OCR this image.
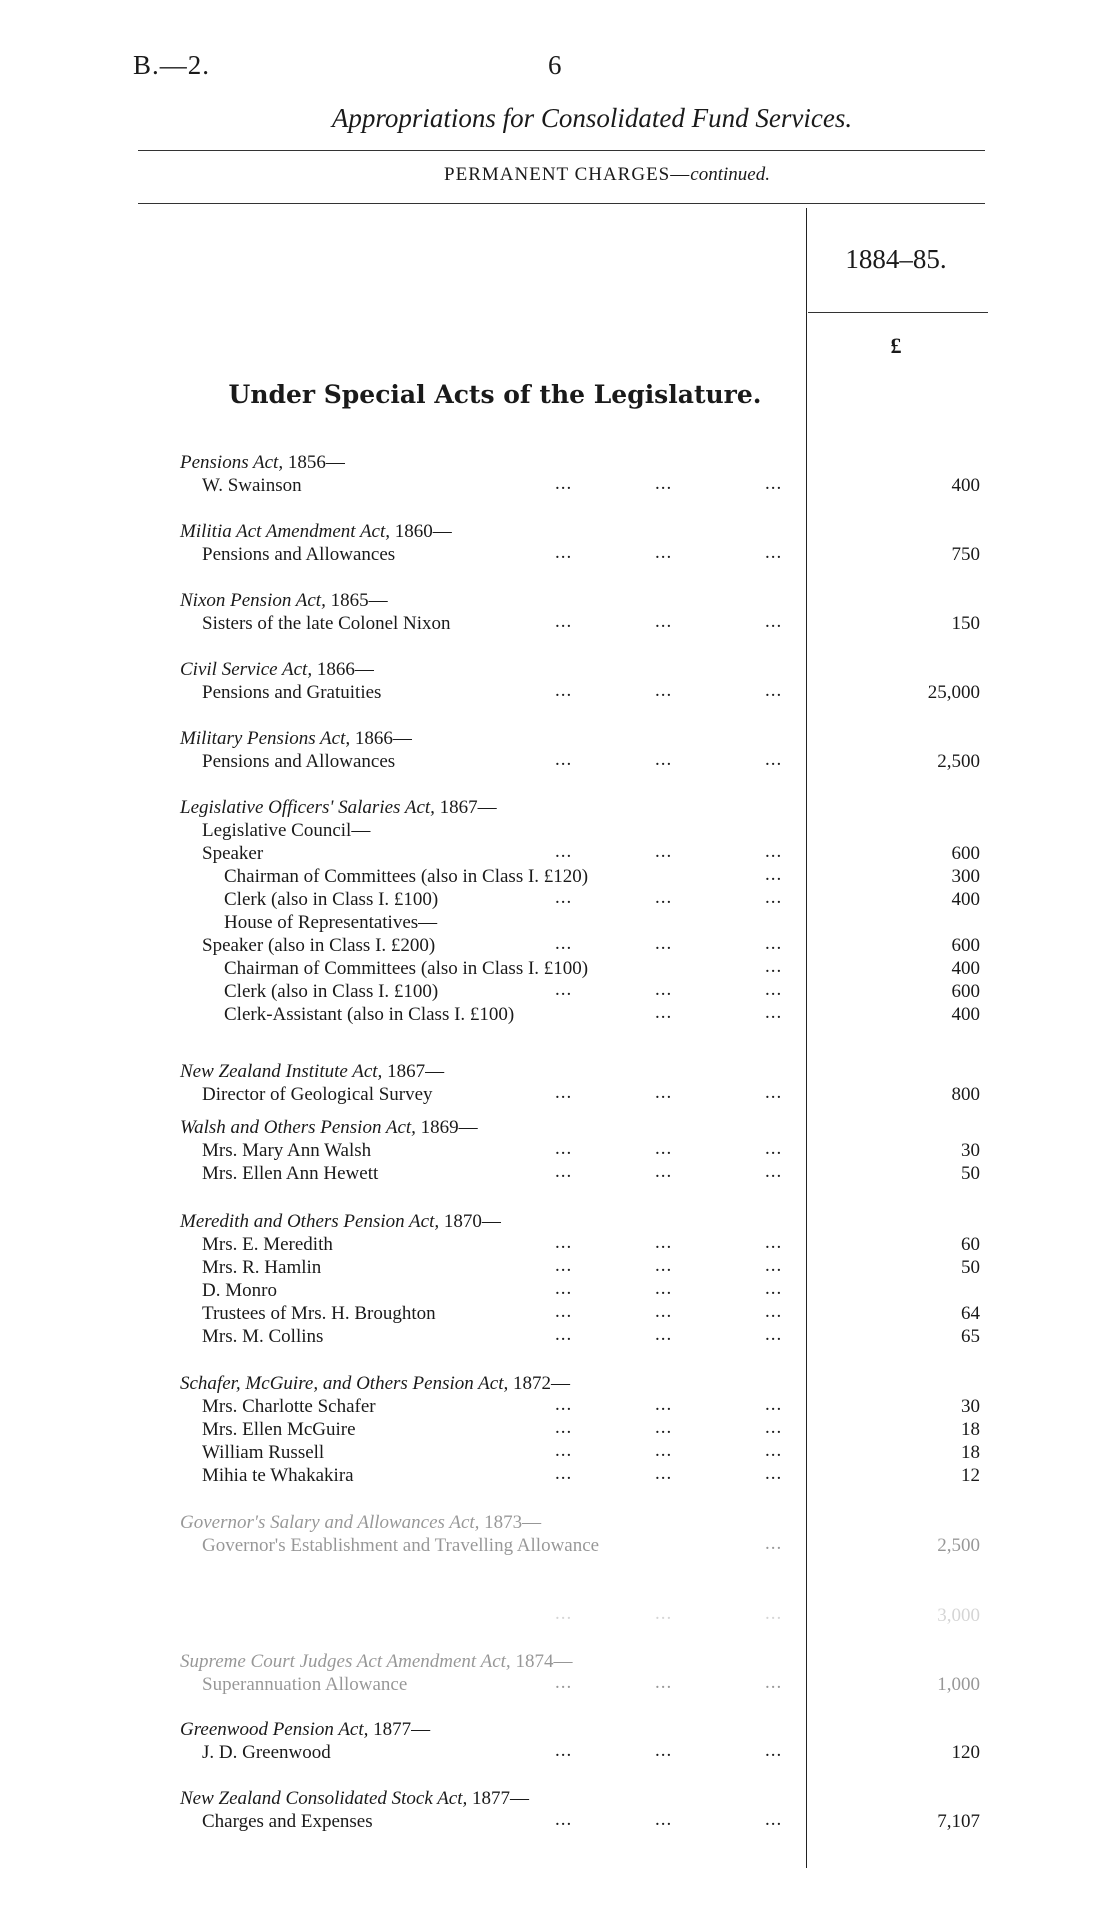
B.—2.	6
Appropriations for Consolidated Fund Services.
PERMANENT CHARGES—continued.
1884–85.
£
Under Special Acts of the Legislature.
Pensions Act, 1856—
W. Swainson	...	...	...	400
Militia Act Amendment Act, 1860—
Pensions and Allowances	...	...	...	750
Nixon Pension Act, 1865—
Sisters of the late Colonel Nixon	...	...	...	150
Civil Service Act, 1866—
Pensions and Gratuities	...	...	...	25,000
Military Pensions Act, 1866—
Pensions and Allowances	...	...	...	2,500
Legislative Officers' Salaries Act, 1867—
Legislative Council—
Speaker	...	...	...	600
Chairman of Committees (also in Class I. £120)	...	300
Clerk (also in Class I. £100)	...	...	...	400
House of Representatives—
Speaker (also in Class I. £200)	...	...	...	600
Chairman of Committees (also in Class I. £100)	...	400
Clerk (also in Class I. £100)	...	...	...	600
Clerk-Assistant (also in Class I. £100)	...	...	400
New Zealand Institute Act, 1867—
Director of Geological Survey	...	...	...	800
Walsh and Others Pension Act, 1869—
Mrs. Mary Ann Walsh	...	...	...	30
Mrs. Ellen Ann Hewett	...	...	...	50
Meredith and Others Pension Act, 1870—
Mrs. E. Meredith	...	...	...	60
Mrs. R. Hamlin	...	...	...	50
D. Monro	...	...	...
Trustees of Mrs. H. Broughton	...	...	...	64
Mrs. M. Collins	...	...	...	65
Schafer, McGuire, and Others Pension Act, 1872—
Mrs. Charlotte Schafer	...	...	...	30
Mrs. Ellen McGuire	...	...	...	18
William Russell	...	...	...	18
Mihia te Whakakira	...	...	...	12
Governor's Salary and Allowances Act, 1873—
Governor's Establishment and Travelling Allowance	...	2,500
...	...	...	3,000
Supreme Court Judges Act Amendment Act, 1874—
Superannuation Allowance	...	...	...	1,000
Greenwood Pension Act, 1877—
J. D. Greenwood	...	...	...	120
New Zealand Consolidated Stock Act, 1877—
Charges and Expenses	...	...	...	7,107
